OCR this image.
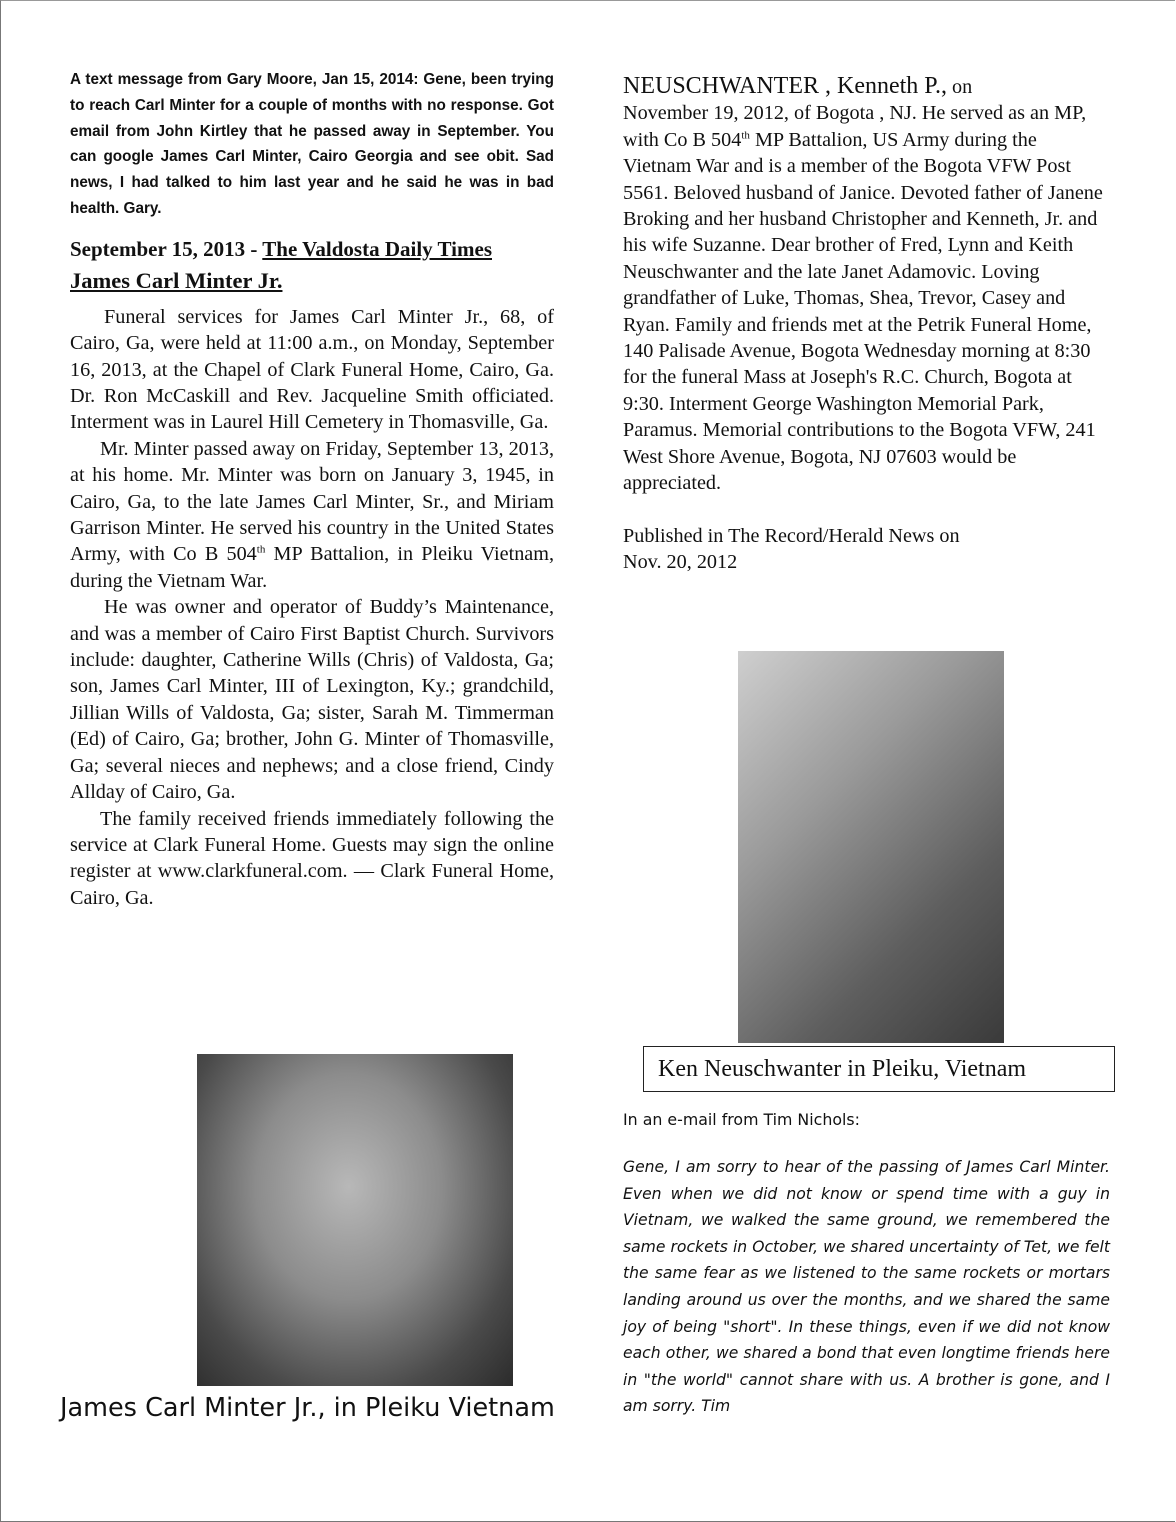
A text message from Gary Moore, Jan 15, 2014: Gene, been trying to reach Carl Minter for a couple of months with no response. Got email from John Kirtley that he passed away in September. You can google James Carl Minter, Cairo Georgia and see obit. Sad news, I had talked to him last year and he said he was in bad health. Gary.

September 15, 2013 - The Valdosta Daily Times
James Carl Minter Jr.

Funeral services for James Carl Minter Jr., 68, of Cairo, Ga, were held at 11:00 a.m., on Monday, September 16, 2013, at the Chapel of Clark Funeral Home, Cairo, Ga. Dr. Ron McCaskill and Rev. Jacqueline Smith officiated. Interment was in Laurel Hill Cemetery in Thomasville, Ga.

Mr. Minter passed away on Friday, September 13, 2013, at his home. Mr. Minter was born on January 3, 1945, in Cairo, Ga, to the late James Carl Minter, Sr., and Miriam Garrison Minter. He served his country in the United States Army, with Co B 504th MP Battalion, in Pleiku Vietnam, during the Vietnam War.

He was owner and operator of Buddy’s Maintenance, and was a member of Cairo First Baptist Church. Survivors include: daughter, Catherine Wills (Chris) of Valdosta, Ga; son, James Carl Minter, III of Lexington, Ky.; grandchild, Jillian Wills of Valdosta, Ga; sister, Sarah M. Timmerman (Ed) of Cairo, Ga; brother, John G. Minter of Thomasville, Ga; several nieces and nephews; and a close friend, Cindy Allday of Cairo, Ga.

The family received friends immediately following the service at Clark Funeral Home. Guests may sign the online register at www.clarkfuneral.com. — Clark Funeral Home, Cairo, Ga.

James Carl Minter Jr., in Pleiku Vietnam

NEUSCHWANTER , Kenneth P., on
November 19, 2012, of Bogota , NJ. He served as an MP, with Co B 504th MP Battalion, US Army during the Vietnam War and is a member of the Bogota VFW Post 5561. Beloved husband of Janice. Devoted father of Janene Broking and her husband Christopher and Kenneth, Jr. and his wife Suzanne. Dear brother of Fred, Lynn and Keith Neuschwanter and the late Janet Adamovic. Loving grandfather of Luke, Thomas, Shea, Trevor, Casey and Ryan. Family and friends met at the Petrik Funeral Home, 140 Palisade Avenue, Bogota Wednesday morning at 8:30 for the funeral Mass at Joseph's R.C. Church, Bogota at 9:30. Interment George Washington Memorial Park, Paramus. Memorial contributions to the Bogota VFW, 241 West Shore Avenue, Bogota, NJ 07603 would be appreciated.

Published in The Record/Herald News on
Nov. 20, 2012

Ken Neuschwanter in Pleiku, Vietnam
In an e-mail from Tim Nichols:

Gene, I am sorry to hear of the passing of James Carl Minter. Even when we did not know or spend time with a guy in Vietnam, we walked the same ground, we remembered the same rockets in October, we shared uncertainty of Tet, we felt the same fear as we listened to the same rockets or mortars landing around us over the months, and we shared the same joy of being "short". In these things, even if we did not know each other, we shared a bond that even longtime friends here in "the world" cannot share with us. A brother is gone, and I am sorry. Tim
